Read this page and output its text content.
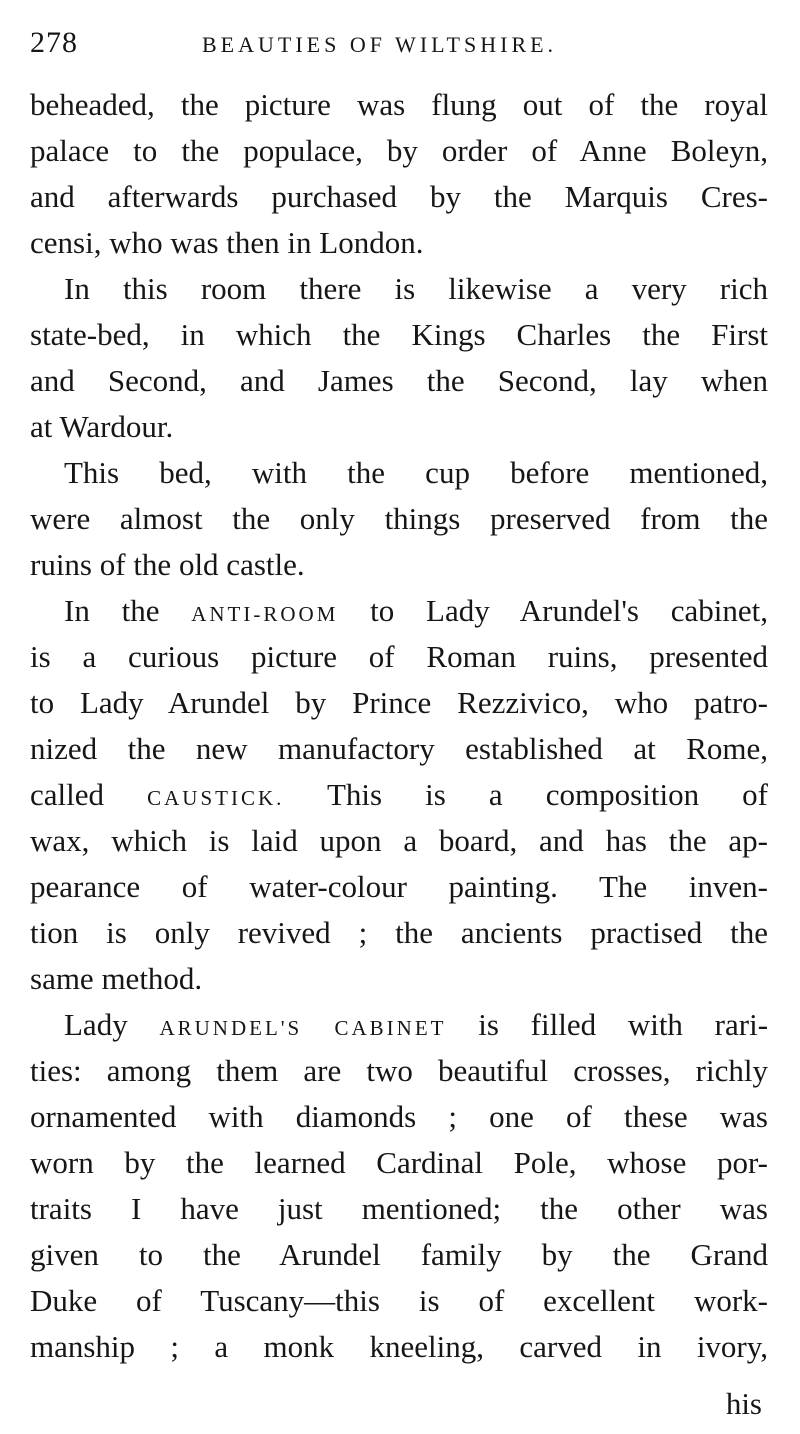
278	BEAUTIES OF WILTSHIRE.
beheaded, the picture was flung out of the royal
palace to the populace, by order of Anne Boleyn,
and afterwards purchased by the Marquis Cres-
censi, who was then in London.
In this room there is likewise a very rich
state-bed, in which the Kings Charles the First
and Second, and James the Second, lay when
at Wardour.
This bed, with the cup before mentioned,
were almost the only things preserved from the
ruins of the old castle.
In the ANTI-ROOM to Lady Arundel's cabinet,
is a curious picture of Roman ruins, presented
to Lady Arundel by Prince Rezzivico, who patro-
nized the new manufactory established at Rome,
called CAUSTICK. This is a composition of
wax, which is laid upon a board, and has the ap-
pearance of water-colour painting. The inven-
tion is only revived ; the ancients practised the
same method.
Lady ARUNDEL'S CABINET is filled with rari-
ties: among them are two beautiful crosses, richly
ornamented with diamonds ; one of these was
worn by the learned Cardinal Pole, whose por-
traits I have just mentioned; the other was
given to the Arundel family by the Grand
Duke of Tuscany—this is of excellent work-
manship ; a monk kneeling, carved in ivory,
his
